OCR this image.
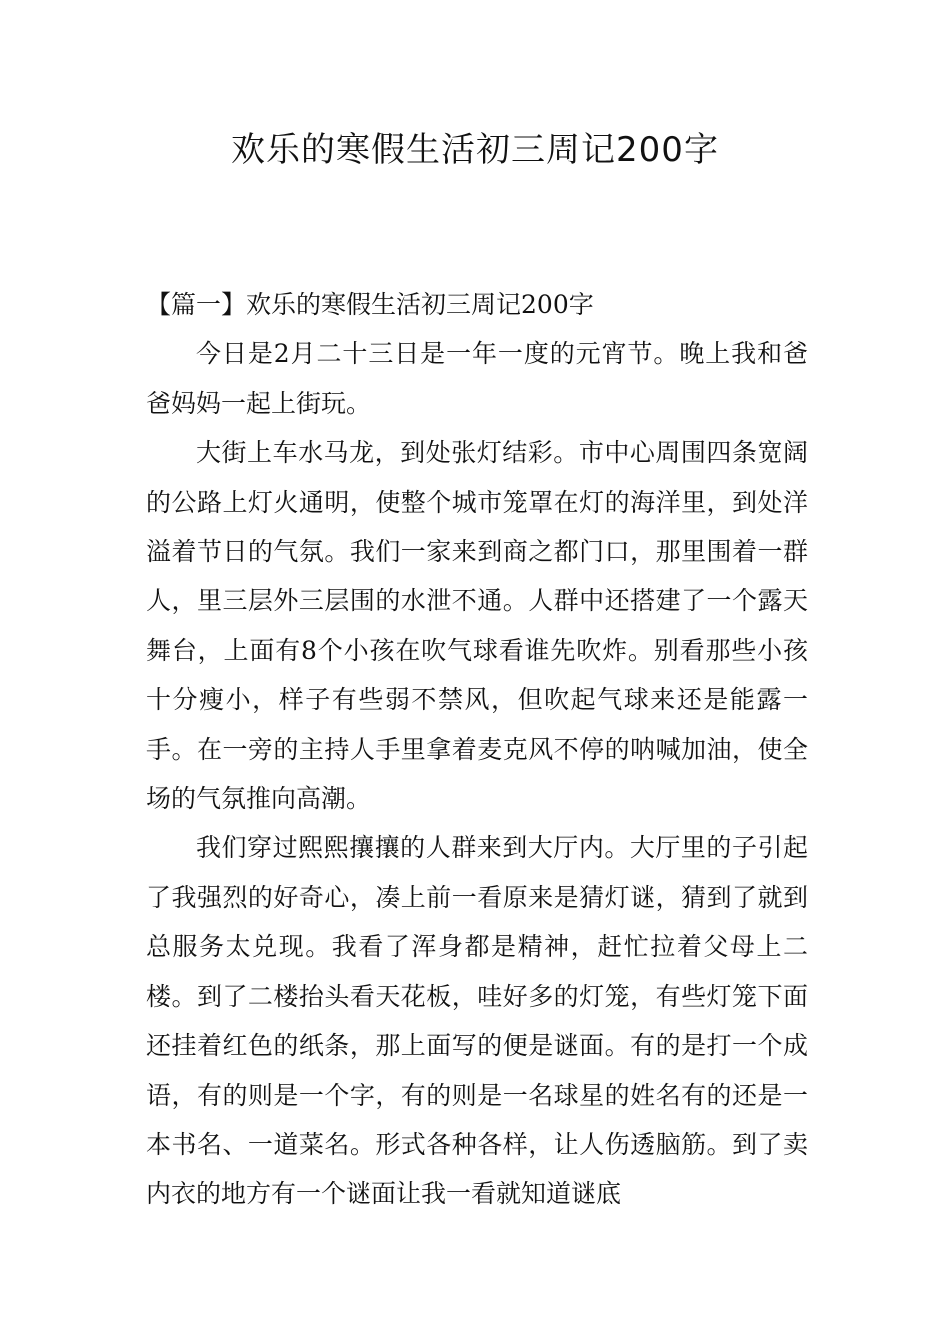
欢乐的寒假生活初三周记200字

【篇一】欢乐的寒假生活初三周记200字

今日是2月二十三日是一年一度的元宵节。晚上我和爸爸妈妈一起上街玩。

大街上车水马龙，到处张灯结彩。市中心周围四条宽阔的公路上灯火通明，使整个城市笼罩在灯的海洋里，到处洋溢着节日的气氛。我们一家来到商之都门口，那里围着一群人，里三层外三层围的水泄不通。人群中还搭建了一个露天舞台，上面有8个小孩在吹气球看谁先吹炸。别看那些小孩十分瘦小，样子有些弱不禁风，但吹起气球来还是能露一手。在一旁的主持人手里拿着麦克风不停的呐喊加油，使全场的气氛推向高潮。

我们穿过熙熙攘攘的人群来到大厅内。大厅里的子引起了我强烈的好奇心，凑上前一看原来是猜灯谜，猜到了就到总服务太兑现。我看了浑身都是精神，赶忙拉着父母上二楼。到了二楼抬头看天花板，哇好多的灯笼，有些灯笼下面还挂着红色的纸条，那上面写的便是谜面。有的是打一个成语，有的则是一个字，有的则是一名球星的姓名有的还是一本书名、一道菜名。形式各种各样，让人伤透脑筋。到了卖内衣的地方有一个谜面让我一看就知道谜底
